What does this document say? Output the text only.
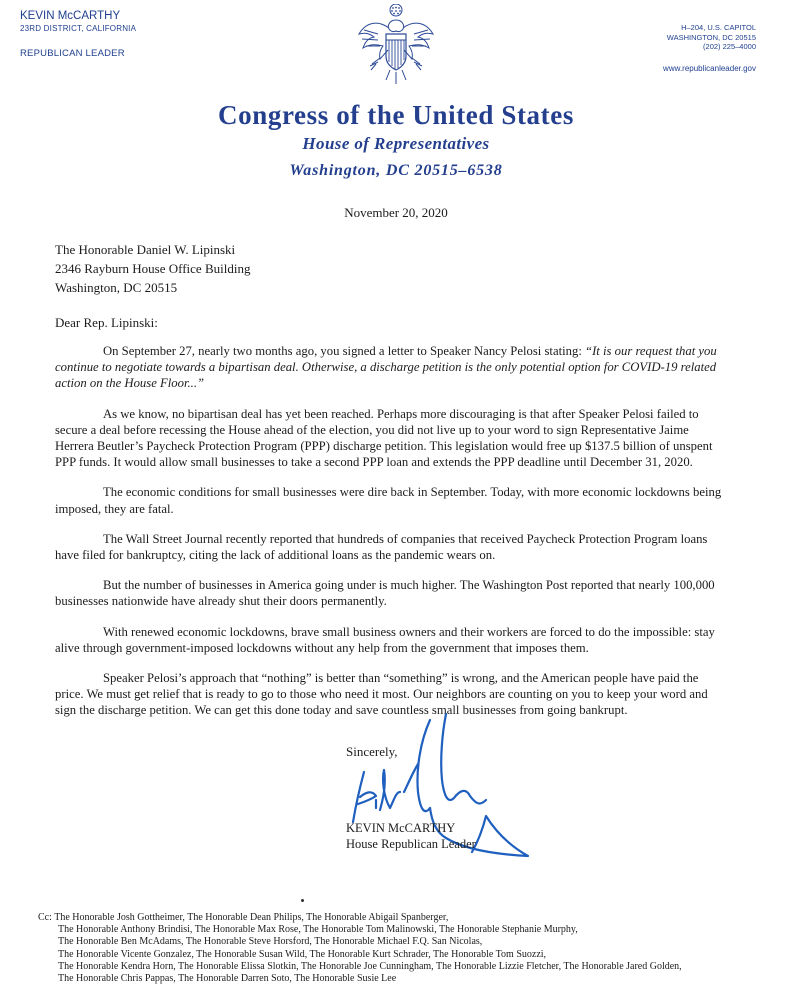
KEVIN McCARTHY
23RD DISTRICT, CALIFORNIA
REPUBLICAN LEADER
H–204, U.S. CAPITOL
WASHINGTON, DC 20515
(202) 225–4000
www.republicanleader.gov
Congress of the United States
House of Representatives
Washington, DC 20515–6538
November 20, 2020
The Honorable Daniel W. Lipinski
2346 Rayburn House Office Building
Washington, DC 20515
Dear Rep. Lipinski:

On September 27, nearly two months ago, you signed a letter to Speaker Nancy Pelosi stating: “It is our request that you continue to negotiate towards a bipartisan deal. Otherwise, a discharge petition is the only potential option for COVID-19 related action on the House Floor...”

As we know, no bipartisan deal has yet been reached. Perhaps more discouraging is that after Speaker Pelosi failed to secure a deal before recessing the House ahead of the election, you did not live up to your word to sign Representative Jaime Herrera Beutler’s Paycheck Protection Program (PPP) discharge petition. This legislation would free up $137.5 billion of unspent PPP funds. It would allow small businesses to take a second PPP loan and extends the PPP deadline until December 31, 2020.

The economic conditions for small businesses were dire back in September. Today, with more economic lockdowns being imposed, they are fatal.

The Wall Street Journal recently reported that hundreds of companies that received Paycheck Protection Program loans have filed for bankruptcy, citing the lack of additional loans as the pandemic wears on.

But the number of businesses in America going under is much higher. The Washington Post reported that nearly 100,000 businesses nationwide have already shut their doors permanently.

With renewed economic lockdowns, brave small business owners and their workers are forced to do the impossible: stay alive through government-imposed lockdowns without any help from the government that imposes them.

Speaker Pelosi’s approach that “nothing” is better than “something” is wrong, and the American people have paid the price. We must get relief that is ready to go to those who need it most. Our neighbors are counting on you to keep your word and sign the discharge petition. We can get this done today and save countless small businesses from going bankrupt.

Sincerely,
KEVIN McCARTHY
House Republican Leader
Cc: The Honorable Josh Gottheimer, The Honorable Dean Philips, The Honorable Abigail Spanberger,
The Honorable Anthony Brindisi, The Honorable Max Rose, The Honorable Tom Malinowski, The Honorable Stephanie Murphy,
The Honorable Ben McAdams, The Honorable Steve Horsford, The Honorable Michael F.Q. San Nicolas,
The Honorable Vicente Gonzalez, The Honorable Susan Wild, The Honorable Kurt Schrader, The Honorable Tom Suozzi,
The Honorable Kendra Horn, The Honorable Elissa Slotkin, The Honorable Joe Cunningham, The Honorable Lizzie Fletcher, The Honorable Jared Golden,
The Honorable Chris Pappas, The Honorable Darren Soto, The Honorable Susie Lee
